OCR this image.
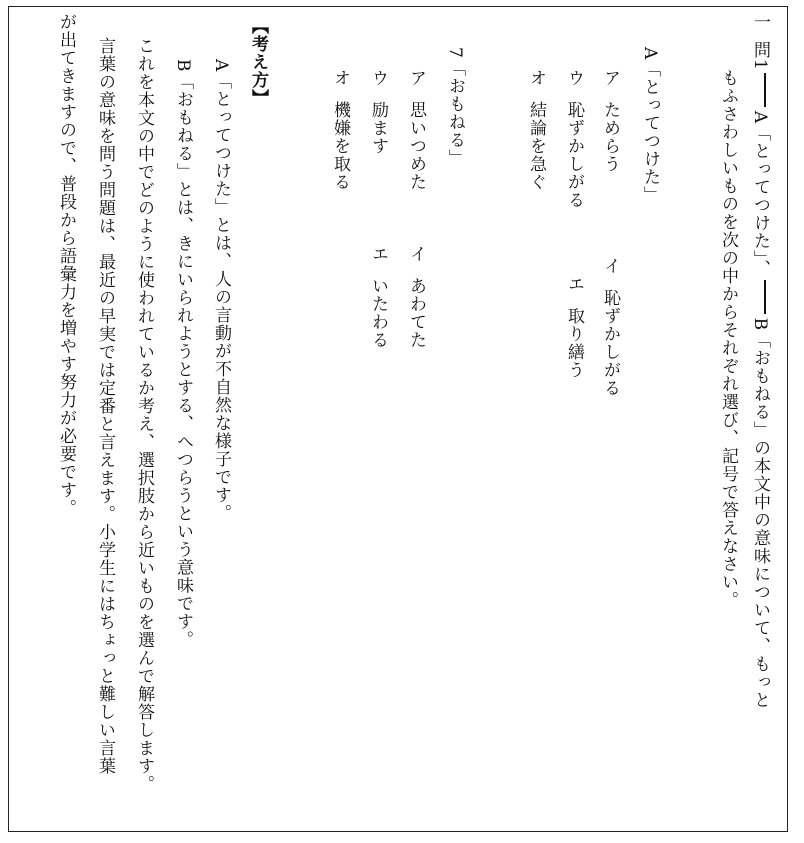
一問1A「とってつけた」、B「おもねる」の本文中の意味について、もっと
もふさわしいものを次の中からそれぞれ選び、記号で答えなさい。
A「とってつけた」
アためらうイ恥ずかしがる
ウ恥ずかしがるエ取り繕う
オ結論を急ぐ
7「おもねる」
ア思いつめたイあわてた
ウ励ますエいたわる
オ機嫌を取る
【考え方】
A「とってつけた」とは、人の言動が不自然な様子です。
B「おもねる」とは、きにいられようとする、へつらうという意味です。
これを本文の中でどのように使われているか考え、選択肢から近いものを選んで解答します。
言葉の意味を問う問題は、最近の早実では定番と言えます。小学生にはちょっと難しい言葉
が出てきますので、普段から語彙力を増やす努力が必要です。
